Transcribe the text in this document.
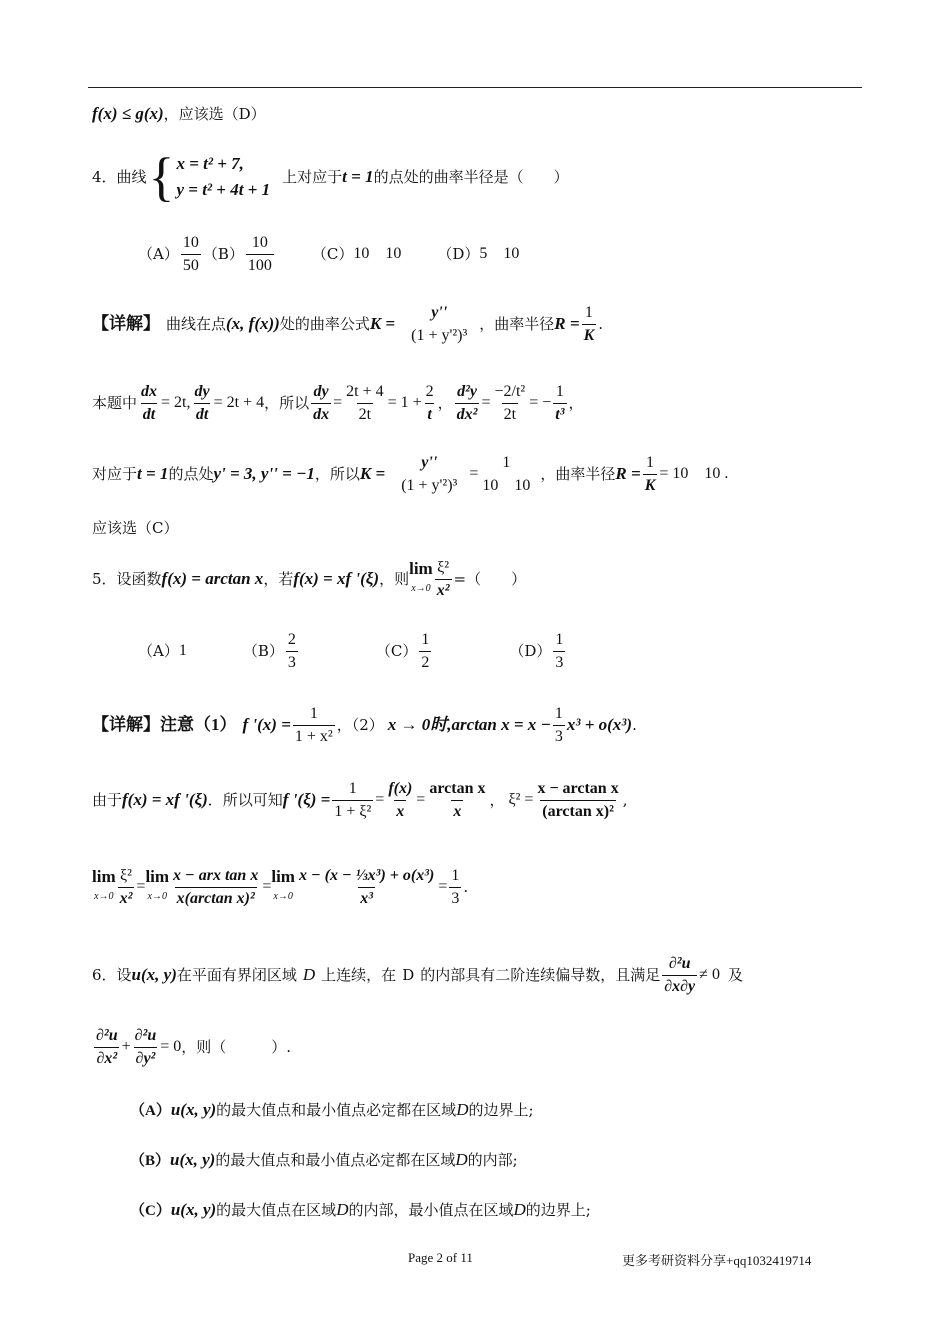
f(x) ≤ g(x)，应该选（D）
4．曲线 { x = t² + 7,
y = t² + 4t + 1
上对应于 t = 1 的点处的曲率半径是（　　）
（A）
10
50
（B）
10
100
（C） 10　10 （D） 5　10
【详解】 曲线在点 (x, f(x)) 处的曲率公式 K =
y''
(1 + y'²)³
，曲率半径 $R = \frac{1}{K}$ .
本题中 $\frac{dx}{dt} = 2t$, $\frac{dy}{dt} = 2t + 4$ ，所以 $\frac{dy}{dx} = \frac{2t + 4}{2t} = 1 + \frac{2}{t}$ ， $\frac{\text{d²y}}{\text{dx²}} = \frac{\text{−2/t²}}{2t}$ = − $\frac{1}{\text{t³}}$ ，
对应于 t = 1 的点处 y' = 3, y'' = −1 ，所以 K =
y''
(1 + y'²)³
=
1
10　10
，曲率半径 $R = \frac{1}{K} = 10$　10 .
应该选（C）
5．设函数 f(x) = arctan x ，若 f(x) = xf '(ξ) ，则
lim
$x\to 0 \frac{\text{ξ²}}{\text{x²}}$ =（　　）
（A） 1	（B）
2
3
（C）
1
2
（D）
1
3
【详解】注意（1） f '$(x) = \frac{1}{\text{1 + x²}}$ ，（2） x → 0时,arctan $x = x - \frac{1}{3} x^3 + o(x^3)$ .
由于 f(x) = xf '(ξ) ．所以可知 f '$(\xi) = \frac{1}{\text{1 + ξ²}} = \frac{f(x)}{x} = \frac{\text{arctan x}}{x}$ ， $\xi^2 = \frac{\text{x − arctan x}}{\text{(arctan x)²}}$ ,
lim
$x\to 0 \frac{\text{ξ²}}{\text{x²}}$ =
lim
x→0
x − arx tan x
x(arctan x)²
=
lim
$x\to 0 \frac{\text{x − (x − ⅓x³) + o(x³)}}{\text{x³}} = \frac{1}{3}$ .
6．设 u(x, y) 在平面有界闭区域 D 上连续，在 D 的内部具有二阶连续偏导数，且满足
∂²u
∂x∂y
≠ 0 及
∂²u
∂x²
+ $\frac{\text{∂²u}}{\text{∂y²}} = 0$ ，则（　　　）.
（A）u(x, y)的最大值点和最小值点必定都在区域D的边界上;
（B）u(x, y)的最大值点和最小值点必定都在区域D的内部;
（C）u(x, y)的最大值点在区域D的内部，最小值点在区域D的边界上;
Page 2 of 11	更多考研资料分享+qq1032419714
